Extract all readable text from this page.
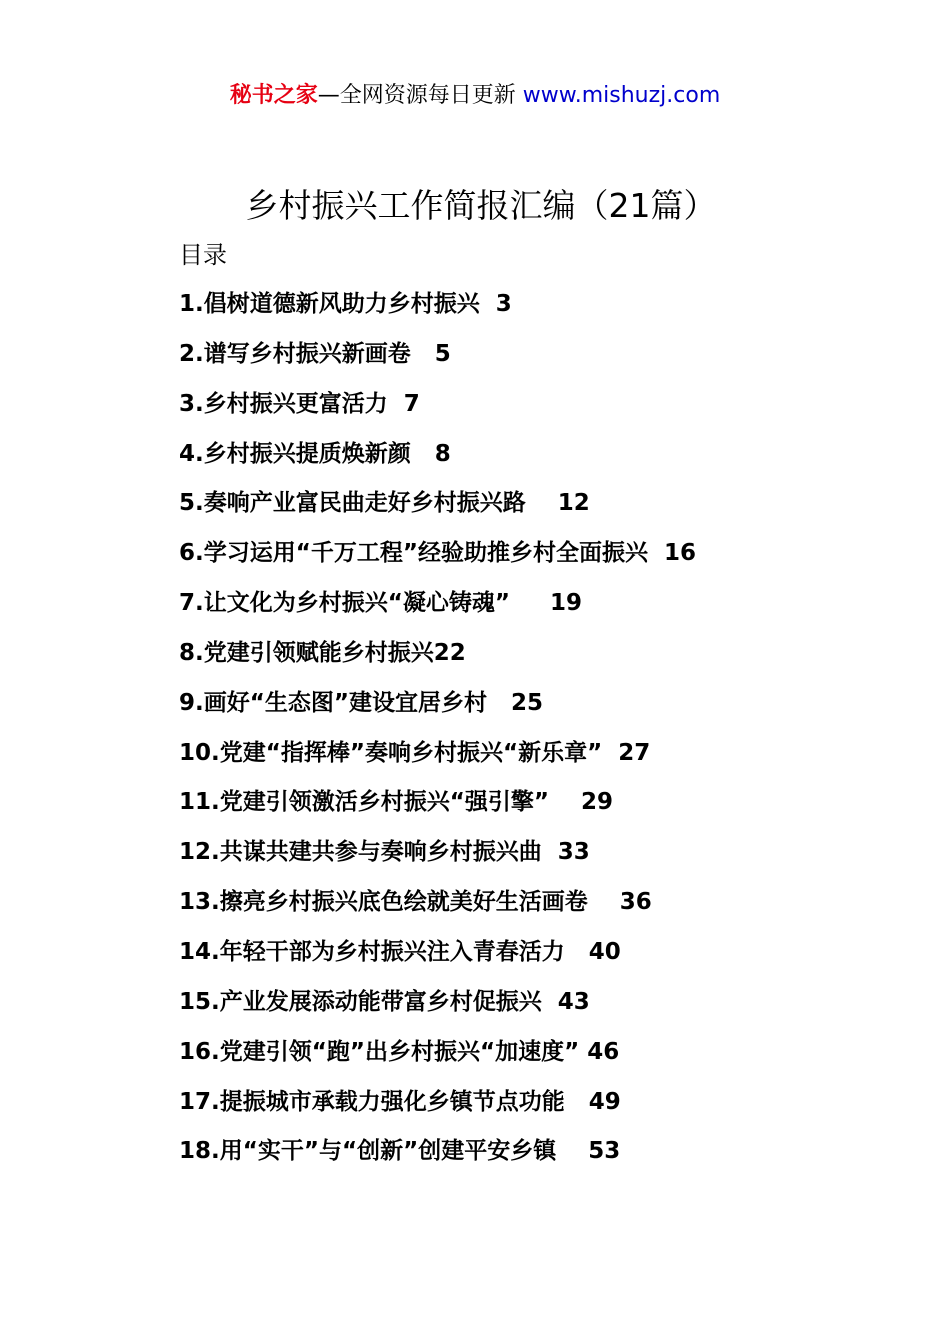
秘书之家—全网资源每日更新 www.mishuzj.com
乡村振兴工作简报汇编（21篇）
目录
1.倡树道德新风助力乡村振兴  3
2.谱写乡村振兴新画卷   5
3.乡村振兴更富活力  7
4.乡村振兴提质焕新颜   8
5.奏响产业富民曲走好乡村振兴路    12
6.学习运用“千万工程”经验助推乡村全面振兴  16
7.让文化为乡村振兴“凝心铸魂”     19
8.党建引领赋能乡村振兴22
9.画好“生态图”建设宜居乡村   25
10.党建“指挥棒”奏响乡村振兴“新乐章”  27
11.党建引领激活乡村振兴“强引擎”    29
12.共谋共建共参与奏响乡村振兴曲  33
13.擦亮乡村振兴底色绘就美好生活画卷    36
14.年轻干部为乡村振兴注入青春活力   40
15.产业发展添动能带富乡村促振兴  43
16.党建引领“跑”出乡村振兴“加速度” 46
17.提振城市承载力强化乡镇节点功能   49
18.用“实干”与“创新”创建平安乡镇    53
